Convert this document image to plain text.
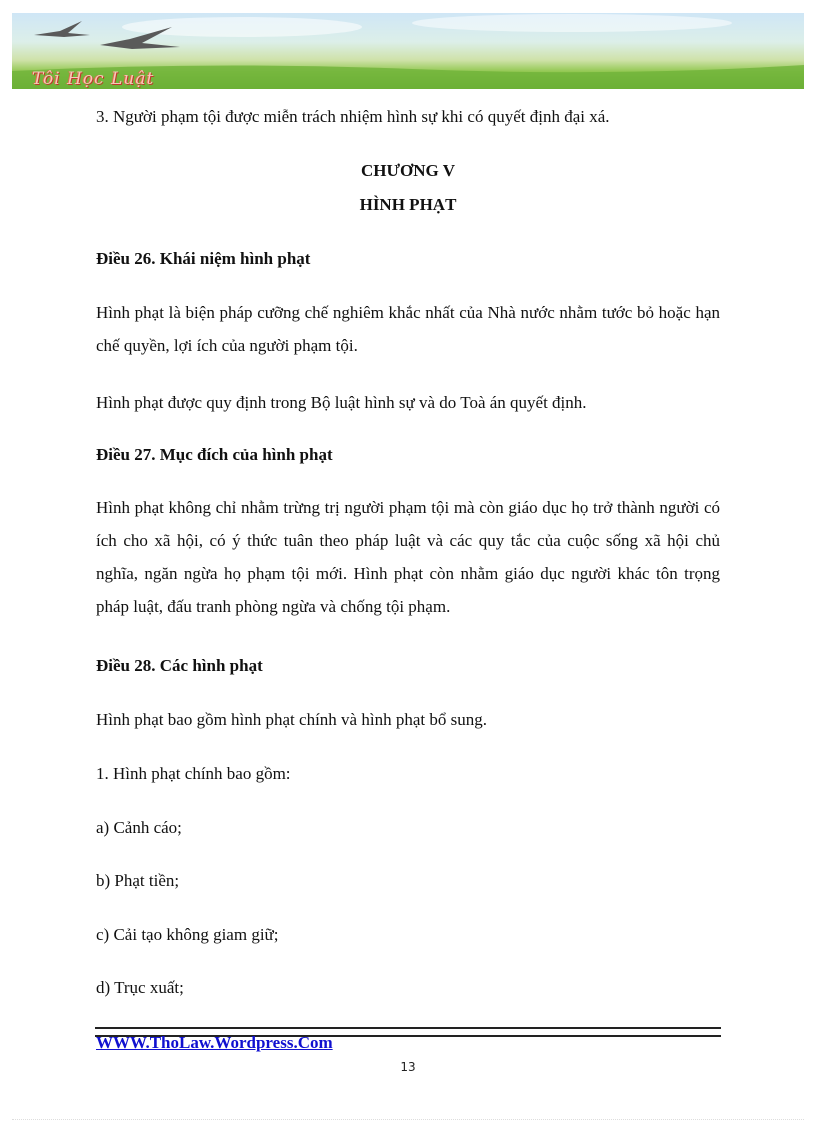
Tôi Học Luật
3. Người phạm tội được miễn trách nhiệm hình sự khi có quyết định đại xá.
CHƯƠNG V
HÌNH PHẠT
Điều 26. Khái niệm hình phạt
Hình phạt là biện pháp cưỡng chế nghiêm khắc nhất của Nhà nước nhằm tước bỏ hoặc hạn chế quyền, lợi ích của người phạm tội.
Hình phạt được quy định trong Bộ luật hình sự và do Toà án quyết định.
Điều 27. Mục đích của hình phạt
Hình phạt không chỉ nhằm trừng trị người phạm tội mà còn giáo dục họ trở thành người có ích cho xã hội, có ý thức tuân theo pháp luật và các quy tắc của cuộc sống xã hội chủ nghĩa, ngăn ngừa họ phạm tội mới. Hình phạt còn nhằm giáo dục người khác tôn trọng pháp luật, đấu tranh phòng ngừa và chống tội phạm.
Điều 28. Các hình phạt
Hình phạt bao gồm hình phạt chính và hình phạt bổ sung.
1. Hình phạt chính bao gồm:
a) Cảnh cáo;
b) Phạt tiền;
c) Cải tạo không giam giữ;
d) Trục xuất;
WWW.ThoLaw.Wordpress.Com
13
